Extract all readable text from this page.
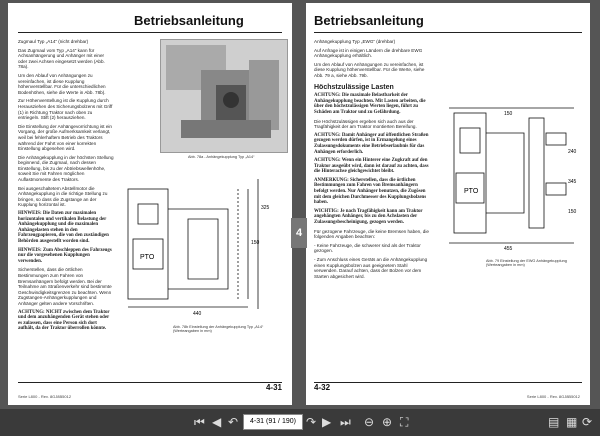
Betriebsanleitung

Zugmaul Typ „A14“ (nicht drehbar)

Das Zugmaul vom Typ „A14“ kann für Achsanhängerung und Anhänger mit einer oder zwei Achsen eingesetzt werden (Abb. 78a).

Um den Ablauf von Anhängungen zu vereinfachen, ist diese Kupplung höhenverstellbar. Für die unterschiedlichen Bodenhöhen, siehe die Werte in Abb. 78b).

Zur Höhenverstellung ist die Kupplung durch Herausziehen des Sicherungsbolzens mit Griff (1) in Richtung Traktor nach oben zu entriegeln. Stift (2) herausziehen.

Die Einstellung der Anhängevorrichtung ist ein Vorgang, der große Aufmerksamkeit verlangt, weil bei fehlerhaftem Betrieb des Traktors während der Fahrt von einer korrekten Einstellung abgesehen wird.

Die Anhängekupplung in der höchsten Stellung beginnend, die Zugmaul, nach dessen Einstellung, bis zu der Abtriebswellenhöhe, soweit Sie mit Fahren möglichen Auflastmomente des Traktors.

Bei ausgeschaltetem Abstellmotor die Anhängekupplung in die richtige Stellung zu bringen, so dass die Zugstange an der Kupplung horizontal ist.

HINWEIS: Die Daten zur maximalen horizontalen und vertikalen Belastung der Anhängekupplung und die maximalen Anhängelasten stehen in den Fahrzeugpapieren, die von den zuständigen Behörden ausgestellt worden sind.

HINWEIS: Zum Abschleppen des Fahrzeugs nur die vorgesehenen Kupplungen verwenden.

Sicherstellen, dass die örtlichen Bestimmungen zum Fahren von Bremsanhängern befolgt werden. Bei der Teilnahme am Straßenverkehr sind bestimmte Geschwindigkeitsgrenzen zu beachten. Wenn Zugstangen-Anhängerkupplungen und Anhänger gelten andere Vorschriften.

ACHTUNG: NICHT zwischen dem Traktor und dem anzuhängenden Gerät stehen oder es zulassen, dass eine Person sich dort aufhält, da der Traktor überrollen könnte.

Abb. 78a - Anhängekupplung Typ „A14“
PTO
440
150
325
Abb. 78b Einstellung der Anhängekupplung Typ „A14“ (Werteangaben in mm)
4-31
Serie L800 - Rev. 8GJ8B5012
Betriebsanleitung

Anhängekupplung Typ „EWG“ (drehbar)

Auf Anfrage ist in einigen Ländern die drehbare EWG Anhängekupplung erhältlich.

Um den Ablauf von Anhängungen zu vereinfachen, ist diese Kupplung höhenverstellbar. Für die Werte, siehe Abb. 79 a, siehe Abb. 79b.

Höchstzulässige Lasten

ACHTUNG: Die maximale Belastbarkeit der Anhängekupplung beachten. Mit Lasten arbeiten, die über den höchstzulässigen Werten liegen, führt zu Schäden am Traktor und zu Gefährdung.

Die Höchstzulässigen ergeben sich auch aus der Tragfähigkeit der am Traktor montierten Bereifung.

ACHTUNG: Damit Anhänger auf öffentlichen Straßen gezogen werden dürfen, ist in Ermangelung eines Zulassungsdokuments eine Betriebserlaubnis für das Anhängen erforderlich.

ACHTUNG: Wenn ein Hinterer eine Zugkraft auf den Traktor ausgeübt wird, dann ist darauf zu achten, dass die Hinterachse gleichgewichtet bleibt.

ANMERKUNG: Sicherstellen, dass die örtlichen Bestimmungen zum Fahren von Bremsanhängern befolgt werden. Nur Anhänger benutzen, die Zugösen mit dem gleichen Durchmesser des Kupplungsbolzens haben.

WICHTIG: Je nach Tragfähigkeit kann am Traktor angehängten Anhänger, bis zu den Achslasten der Zulassungsbescheinigung, gezogen werden.

Für gezogene Fahrzeuge, die keine Bremsen haben, die folgenden Angaben beachten:

- Keine Fahrzeuge, die schwerer sind als der Traktor gezogen.

- Zum Anschluss eines Geräts an die Anhängekupplung einen Kupplungsbolzen aus geeignetem Stahl verwenden. Darauf achten, dass der Bolzen vor dem Starten abgesichert wird.

PTO
455
150
240
345
150
Abb. 79 Einstellung der EWG Anhängekupplung (Werteangaben in mm)
4-32
Serie L800 - Rev. 8GJ8B5012
4
⏮ ◀ ↶
4-31 (91 / 190)	↷ ▶ ⏭ ⊖ ⊕ ⛶	▤ ▦ ⟳
